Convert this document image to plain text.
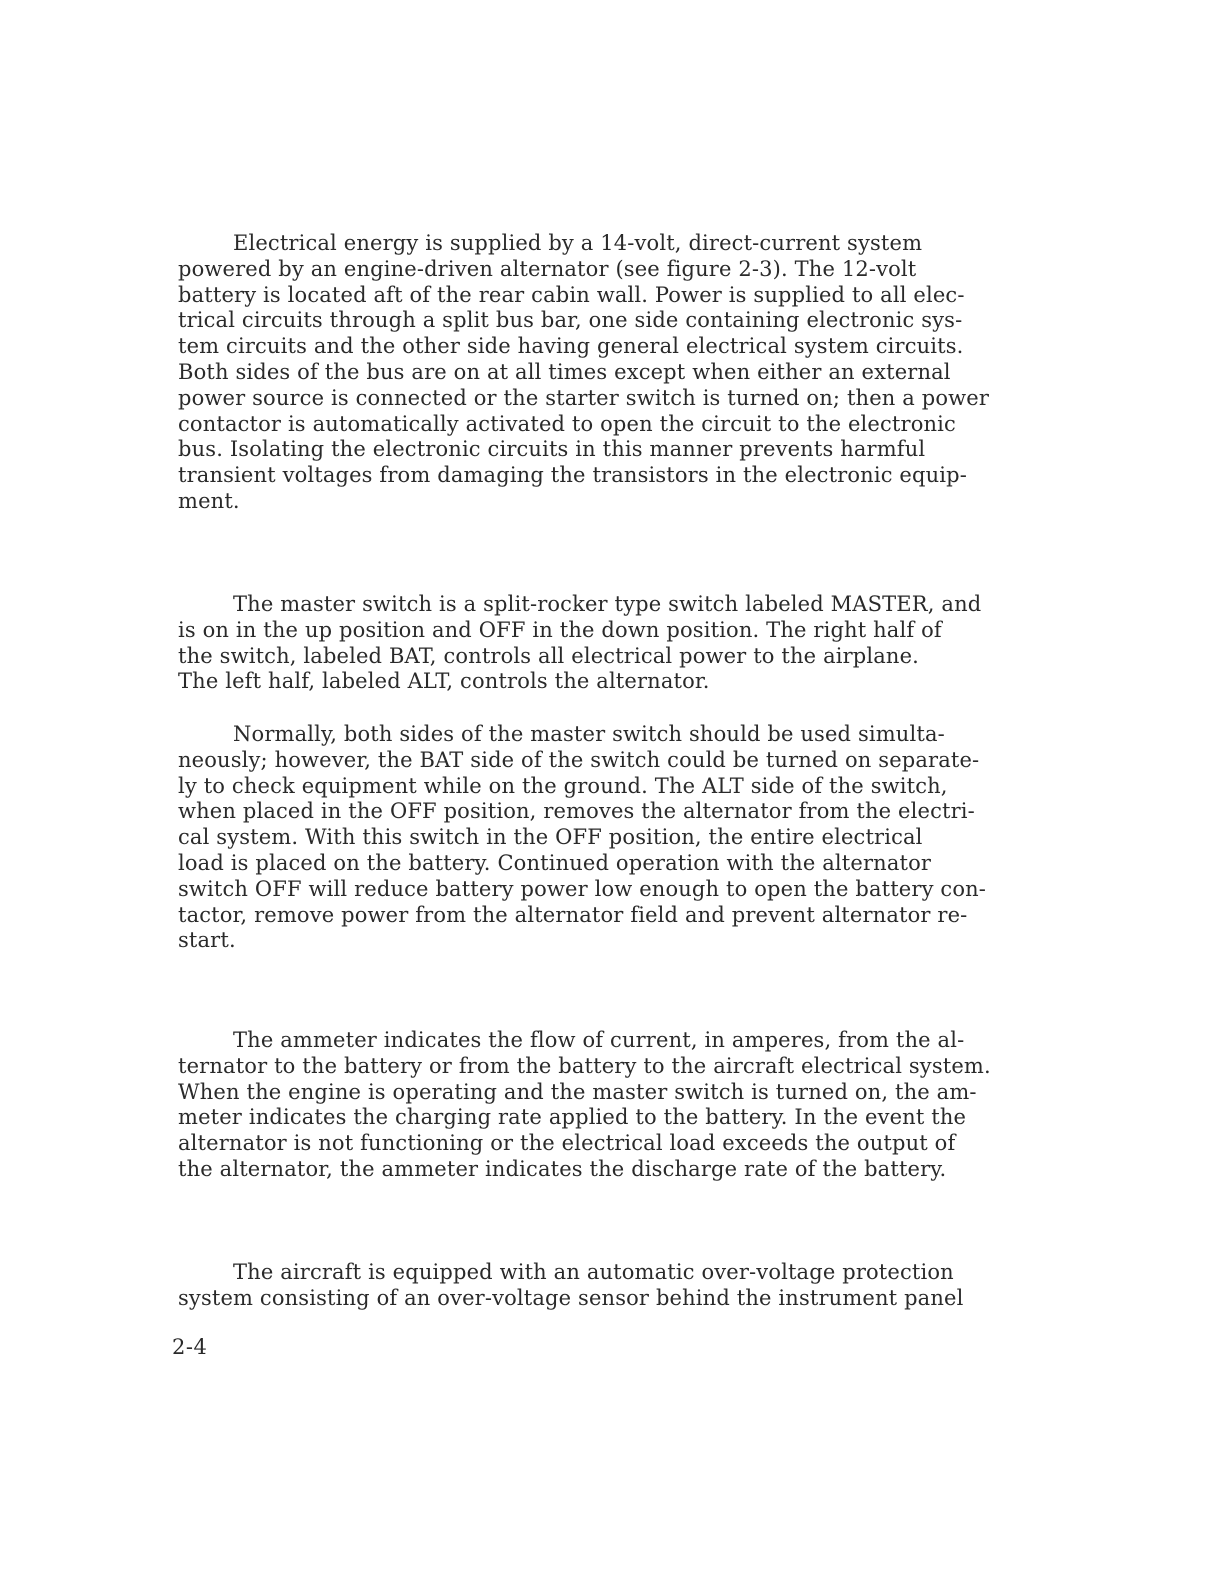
Electrical energy is supplied by a 14-volt, direct-current system
powered by an engine-driven alternator (see figure 2-3). The 12-volt
battery is located aft of the rear cabin wall. Power is supplied to all elec-
trical circuits through a split bus bar, one side containing electronic sys-
tem circuits and the other side having general electrical system circuits.
Both sides of the bus are on at all times except when either an external
power source is connected or the starter switch is turned on; then a power
contactor is automatically activated to open the circuit to the electronic
bus. Isolating the electronic circuits in this manner prevents harmful
transient voltages from damaging the transistors in the electronic equip-
ment.
The master switch is a split-rocker type switch labeled MASTER, and
is on in the up position and OFF in the down position. The right half of
the switch, labeled BAT, controls all electrical power to the airplane.
The left half, labeled ALT, controls the alternator.
Normally, both sides of the master switch should be used simulta-
neously; however, the BAT side of the switch could be turned on separate-
ly to check equipment while on the ground. The ALT side of the switch,
when placed in the OFF position, removes the alternator from the electri-
cal system. With this switch in the OFF position, the entire electrical
load is placed on the battery. Continued operation with the alternator
switch OFF will reduce battery power low enough to open the battery con-
tactor, remove power from the alternator field and prevent alternator re-
start.
The ammeter indicates the flow of current, in amperes, from the al-
ternator to the battery or from the battery to the aircraft electrical system.
When the engine is operating and the master switch is turned on, the am-
meter indicates the charging rate applied to the battery. In the event the
alternator is not functioning or the electrical load exceeds the output of
the alternator, the ammeter indicates the discharge rate of the battery.
The aircraft is equipped with an automatic over-voltage protection
system consisting of an over-voltage sensor behind the instrument panel

2-4
